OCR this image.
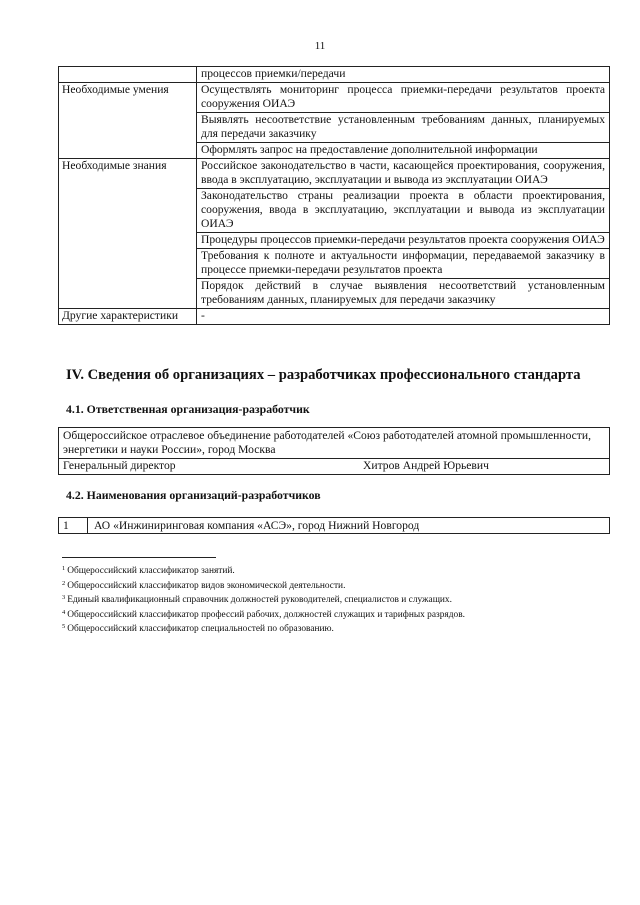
11
	процессов приемки/передачи
Необходимые умения	Осуществлять мониторинг процесса приемки-передачи результатов проекта сооружения ОИАЭ
	Выявлять несоответствие установленным требованиям данных, планируемых для передачи заказчику
	Оформлять запрос на предоставление дополнительной информации
Необходимые знания	Российское законодательство в части, касающейся проектирования, сооружения, ввода в эксплуатацию, эксплуатации и вывода из эксплуатации ОИАЭ
	Законодательство страны реализации проекта в области проектирования, сооружения, ввода в эксплуатацию, эксплуатации и вывода из эксплуатации ОИАЭ
	Процедуры процессов приемки-передачи результатов проекта сооружения ОИАЭ
	Требования к полноте и актуальности информации, передаваемой заказчику в процессе приемки-передачи результатов проекта
	Порядок действий в случае выявления несоответствий установленным требованиям данных, планируемых для передачи заказчику
Другие характеристики	-
IV. Сведения об организациях – разработчиках профессионального стандарта
4.1. Ответственная организация-разработчик
Общероссийское отраслевое объединение работодателей «Союз работодателей атомной промышленности, энергетики и науки России», город Москва
Генеральный директор	Хитров Андрей Юрьевич
4.2. Наименования организаций-разработчиков
1	АО «Инжиниринговая компания «АСЭ», город Нижний Новгород
$^1$ Общероссийский классификатор занятий.
$^2$ Общероссийский классификатор видов экономической деятельности.
$^3$ Единый квалификационный справочник должностей руководителей, специалистов и служащих.
$^4$ Общероссийский классификатор профессий рабочих, должностей служащих и тарифных разрядов.
$^5$ Общероссийский классификатор специальностей по образованию.
